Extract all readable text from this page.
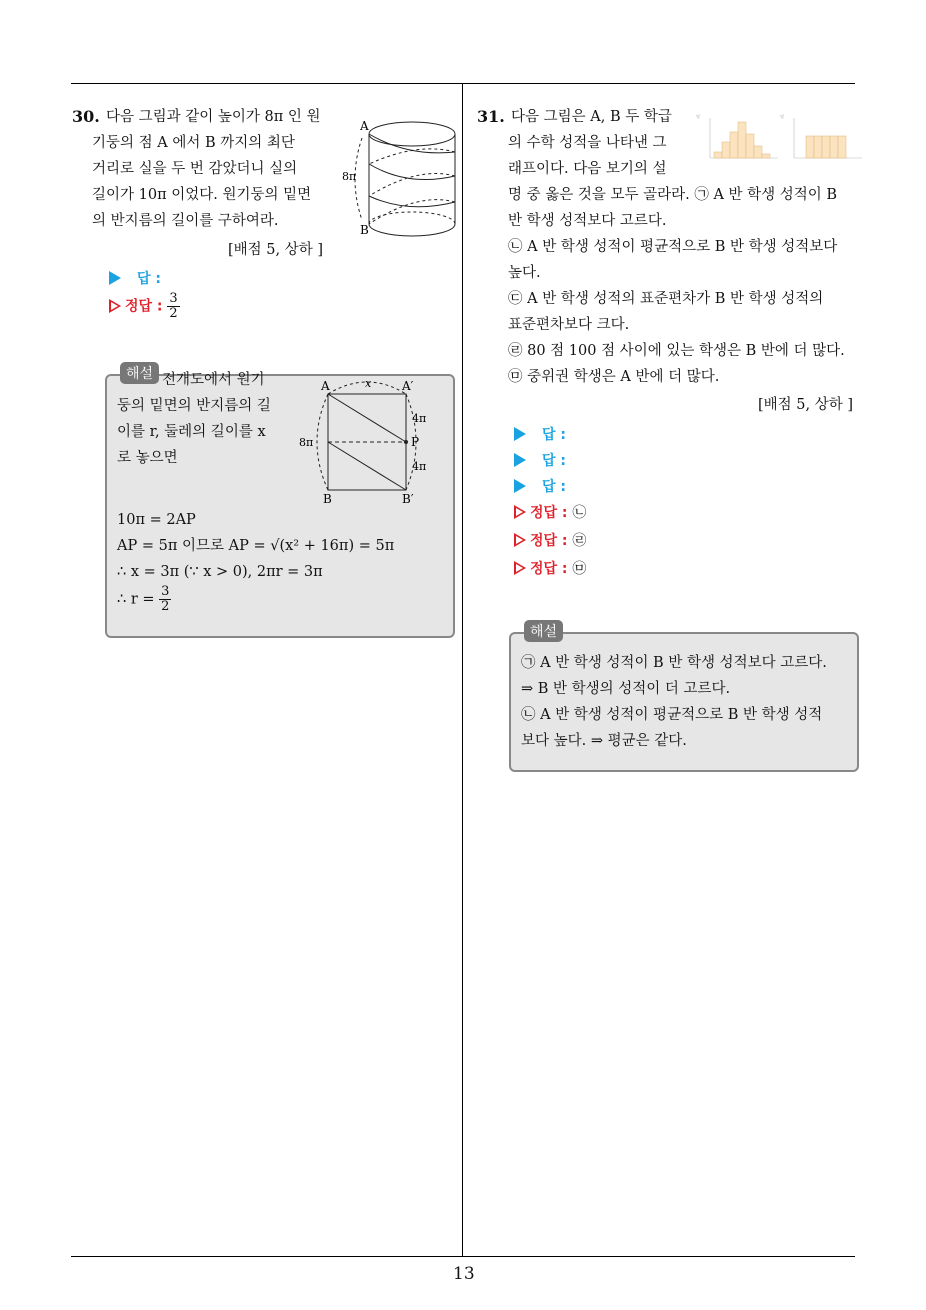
13
30. 다음 그림과 같이 높이가 8π 인 원
기둥의 점 A 에서 B 까지의 최단
거리로 실을 두 번 감았더니 실의
길이가 10π 이었다. 원기둥의 밑면
의 반지름의 길이를 구하여라.
[배점 5, 상하 ]
A
B
8π
답 :
정답 : $\frac{3}{2}$
해설 전개도에서 원기
둥의 밑면의 반지름의 길
이를 r, 둘레의 길이를 x
로 놓으면
A	A′
x
P
B	B′
8π
4π
4π
10π = 2AP
AP = 5π 이므로 AP = √(x² + 16π) = 5π
∴ x = 3π (∵ x > 0), 2πr = 3π
∴ $r = \frac{3}{2}$
31. 다음 그림은 A, B 두 학급
의 수학 성적을 나타낸 그
래프이다. 다음 보기의 설
명 중 옳은 것을 모두 골라라. ㉠ A 반 학생 성적이 B
반 학생 성적보다 고르다.
㉡ A 반 학생 성적이 평균적으로 B 반 학생 성적보다
높다.
㉢ A 반 학생 성적의 표준편차가 B 반 학생 성적의
표준편차보다 크다.
㉣ 80 점 100 점 사이에 있는 학생은 B 반에 더 많다.
㉤ 중위권 학생은 A 반에 더 많다.
명	명
[배점 5, 상하 ]
답 :
답 :
답 :
정답 : ㉡
정답 : ㉣
정답 : ㉤
해설
㉠ A 반 학생 성적이 B 반 학생 성적보다 고르다.
⇒ B 반 학생의 성적이 더 고르다.
㉡ A 반 학생 성적이 평균적으로 B 반 학생 성적
보다 높다. ⇒ 평균은 같다.
